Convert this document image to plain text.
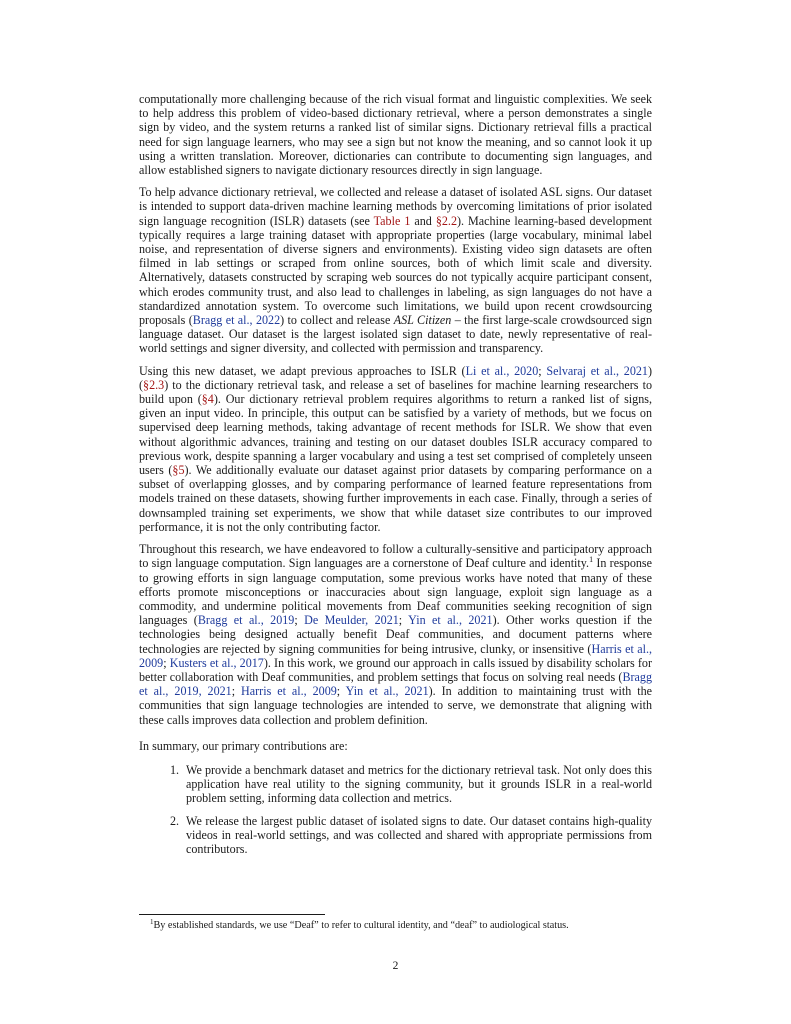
computationally more challenging because of the rich visual format and linguistic complexities. We seek to help address this problem of video-based dictionary retrieval, where a person demonstrates a single sign by video, and the system returns a ranked list of similar signs. Dictionary retrieval fills a practical need for sign language learners, who may see a sign but not know the meaning, and so cannot look it up using a written translation. Moreover, dictionaries can contribute to documenting sign languages, and allow established signers to navigate dictionary resources directly in sign language.

To help advance dictionary retrieval, we collected and release a dataset of isolated ASL signs. Our dataset is intended to support data-driven machine learning methods by overcoming limitations of prior isolated sign language recognition (ISLR) datasets (see Table 1 and §2.2). Machine learning-based development typically requires a large training dataset with appropriate properties (large vocabulary, minimal label noise, and representation of diverse signers and environments). Existing video sign datasets are often filmed in lab settings or scraped from online sources, both of which limit scale and diversity. Alternatively, datasets constructed by scraping web sources do not typically acquire participant consent, which erodes community trust, and also lead to challenges in labeling, as sign languages do not have a standardized annotation system. To overcome such limitations, we build upon recent crowdsourcing proposals (Bragg et al., 2022) to collect and release ASL Citizen – the first large-scale crowdsourced sign language dataset. Our dataset is the largest isolated sign dataset to date, newly representative of real-world settings and signer diversity, and collected with permission and transparency.

Using this new dataset, we adapt previous approaches to ISLR (Li et al., 2020; Selvaraj et al., 2021) (§2.3) to the dictionary retrieval task, and release a set of baselines for machine learning researchers to build upon (§4). Our dictionary retrieval problem requires algorithms to return a ranked list of signs, given an input video. In principle, this output can be satisfied by a variety of methods, but we focus on supervised deep learning methods, taking advantage of recent methods for ISLR. We show that even without algorithmic advances, training and testing on our dataset doubles ISLR accuracy compared to previous work, despite spanning a larger vocabulary and using a test set comprised of completely unseen users (§5). We additionally evaluate our dataset against prior datasets by comparing performance on a subset of overlapping glosses, and by comparing performance of learned feature representations from models trained on these datasets, showing further improvements in each case. Finally, through a series of downsampled training set experiments, we show that while dataset size contributes to our improved performance, it is not the only contributing factor.

Throughout this research, we have endeavored to follow a culturally-sensitive and participatory approach to sign language computation. Sign languages are a cornerstone of Deaf culture and identity.$^1$ In response to growing efforts in sign language computation, some previous works have noted that many of these efforts promote misconceptions or inaccuracies about sign language, exploit sign language as a commodity, and undermine political movements from Deaf communities seeking recognition of sign languages (Bragg et al., 2019; De Meulder, 2021; Yin et al., 2021). Other works question if the technologies being designed actually benefit Deaf communities, and document patterns where technologies are rejected by signing communities for being intrusive, clunky, or insensitive (Harris et al., 2009; Kusters et al., 2017). In this work, we ground our approach in calls issued by disability scholars for better collaboration with Deaf communities, and problem settings that focus on solving real needs (Bragg et al., 2019, 2021; Harris et al., 2009; Yin et al., 2021). In addition to maintaining trust with the communities that sign language technologies are intended to serve, we demonstrate that aligning with these calls improves data collection and problem definition.

In summary, our primary contributions are:

1. We provide a benchmark dataset and metrics for the dictionary retrieval task. Not only does this application have real utility to the signing community, but it grounds ISLR in a real-world problem setting, informing data collection and metrics.
2. We release the largest public dataset of isolated signs to date. Our dataset contains high-quality videos in real-world settings, and was collected and shared with appropriate permissions from contributors.
$^1$By established standards, we use “Deaf” to refer to cultural identity, and “deaf” to audiological status.
2
